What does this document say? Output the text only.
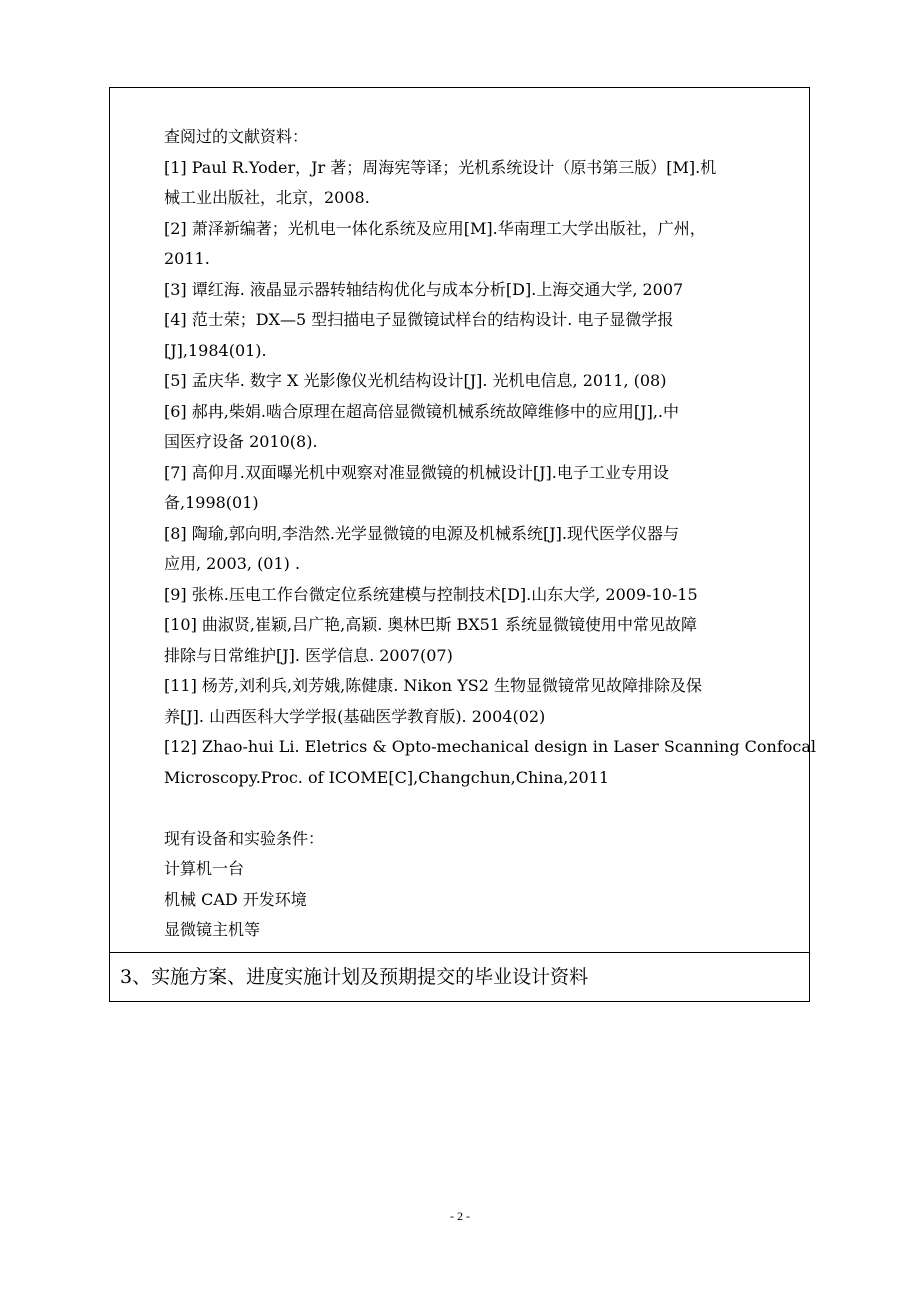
查阅过的文献资料：
[1] Paul R.Yoder，Jr 著；周海宪等译；光机系统设计（原书第三版）[M].机
械工业出版社，北京，2008.
[2] 萧泽新编著；光机电一体化系统及应用[M].华南理工大学出版社，广州，
2011.
[3] 谭红海. 液晶显示器转轴结构优化与成本分析[D].上海交通大学, 2007
[4] 范士荣；DX—5 型扫描电子显微镜试样台的结构设计. 电子显微学报
[J],1984(01).
[5] 孟庆华. 数字 X 光影像仪光机结构设计[J]. 光机电信息, 2011, (08)
[6] 郝冉,柴娟.啮合原理在超高倍显微镜机械系统故障维修中的应用[J],.中
国医疗设备 2010(8).
[7] 高仰月.双面曝光机中观察对准显微镜的机械设计[J].电子工业专用设
备,1998(01)
[8] 陶瑜,郭向明,李浩然.光学显微镜的电源及机械系统[J].现代医学仪器与
应用, 2003, (01) .
[9] 张栋.压电工作台微定位系统建模与控制技术[D].山东大学, 2009-10-15
[10] 曲淑贤,崔颖,吕广艳,高颖. 奥林巴斯 BX51 系统显微镜使用中常见故障
排除与日常维护[J]. 医学信息. 2007(07)
[11] 杨芳,刘利兵,刘芳娥,陈健康. Nikon YS2 生物显微镜常见故障排除及保
养[J]. 山西医科大学学报(基础医学教育版). 2004(02)
[12] Zhao-hui Li. Eletrics & Opto-mechanical design in Laser Scanning Confocal
Microscopy.Proc. of ICOME[C],Changchun,China,2011
现有设备和实验条件：
计算机一台
机械 CAD 开发环境
显微镜主机等
3、实施方案、进度实施计划及预期提交的毕业设计资料
- 2 -
